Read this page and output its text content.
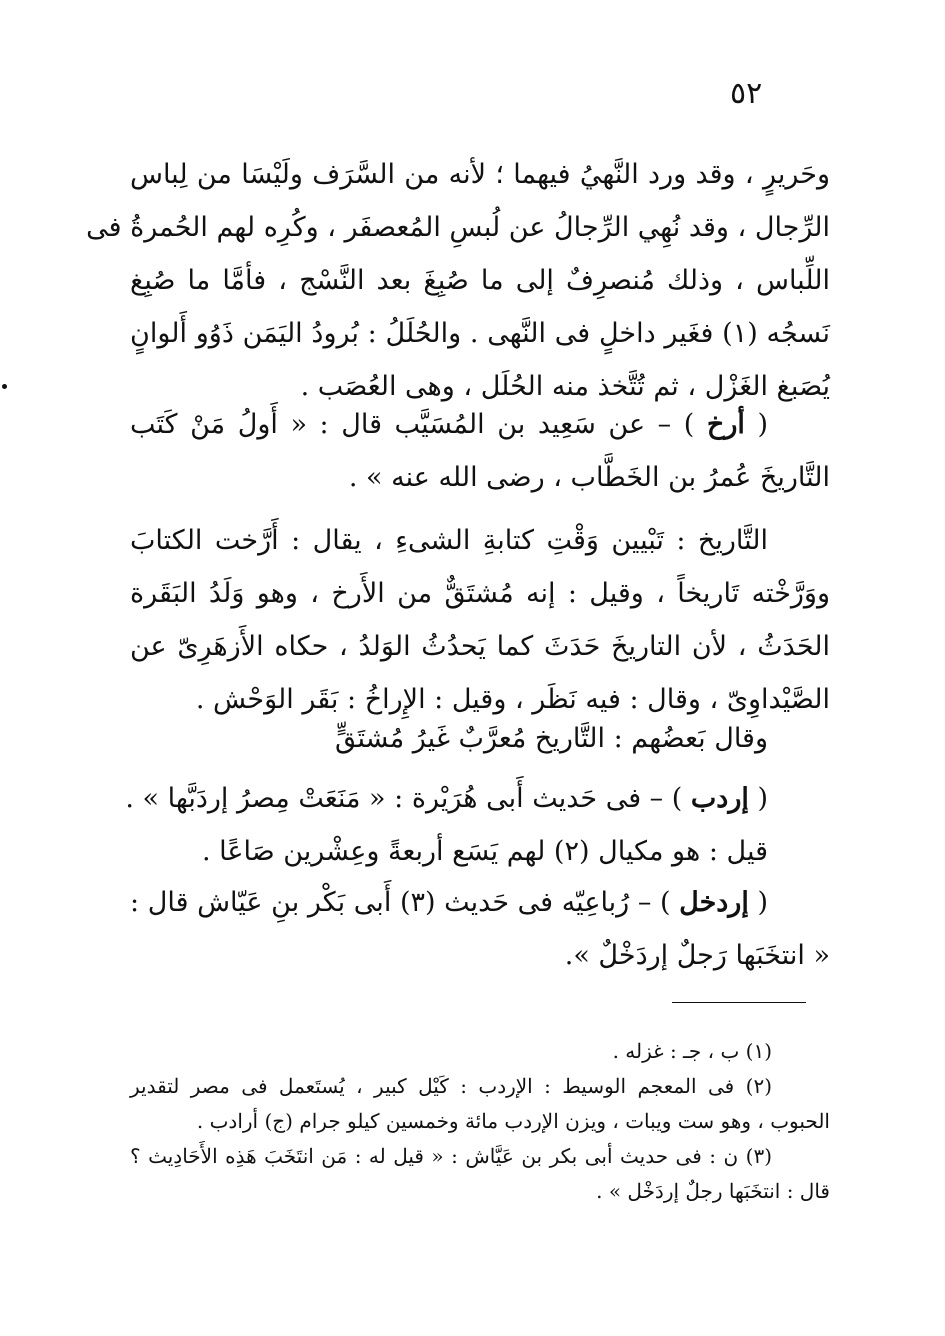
٥٢
وحَريرٍ ، وقد ورد النَّهيُ فيهما ؛ لأنه من السَّرَف ولَيْسَا من لِباس
الرِّجال ، وقد نُهِي الرِّجالُ عن لُبسِ المُعصفَر ، وكُرِه لهم الحُمرةُ فى
اللِّباس ، وذلك مُنصرِفٌ إلى ما صُبِغَ بعد النَّسْج ، فأمَّا ما صُبِغ
نَسجُه (١) فغَير داخلٍ فى النَّهى . والحُلَلُ : بُرودُ اليَمَن ذَوُو أَلوانٍ
يُصَبغ الغَزْل ، ثم تُتَّخذ منه الحُلَل ، وهى العُصَب .
( أرخ ) – عن سَعِيد بن المُسَيَّب قال : « أَولُ مَنْ كَتَب
التَّاريخَ عُمرُ بن الخَطَّاب ، رضى الله عنه » .
التَّاريخ : تَبْيين وَقْتِ كتابةِ الشىءِ ، يقال : أَرَّخت الكتابَ
ووَرَّخْته تَاريخاً ، وقيل : إنه مُشتَقٌّ من الأَرخ ، وهو وَلَدُ البَقَرة
الحَدَثُ ، لأن التاريخَ حَدَثَ كما يَحدُثُ الوَلدُ ، حكاه الأَزهَرِىّ عن
الصَّيْداوِىّ ، وقال : فيه نَظَر ، وقيل : الإِراخُ : بَقَر الوَحْش .
وقال بَعضُهم : التَّاريخ مُعرَّبٌ غَيرُ مُشتَقٍّ
( إردب ) – فى حَديث أَبى هُرَيْرة : « مَنَعَتْ مِصرُ إردَبَّها » .
قيل : هو مكيال (٢) لهم يَسَع أربعةً وعِشْرين صَاعًا .
( إردخل ) – رُباعِيّه فى حَديث (٣) أَبى بَكْر بنِ عَيّاش قال :
« انتخَبَها رَجلٌ إردَخْلٌ ».
(١) ب ، جـ : غزله .
(٢) فى المعجم الوسيط : الإردب : كَيْل كبير ، يُستَعمل فى مصر لتقدير
الحبوب ، وهو ست ويبات ، ويزن الإردب مائة وخمسين كيلو جرام (ج) أرادب .
(٣) ن : فى حديث أبى بكر بن عَيَّاش : « قيل له : مَن انتَخَبَ هَذِه الأَحَادِيث ؟
قال : انتخَبَها رجلٌ إردَخْل » .
